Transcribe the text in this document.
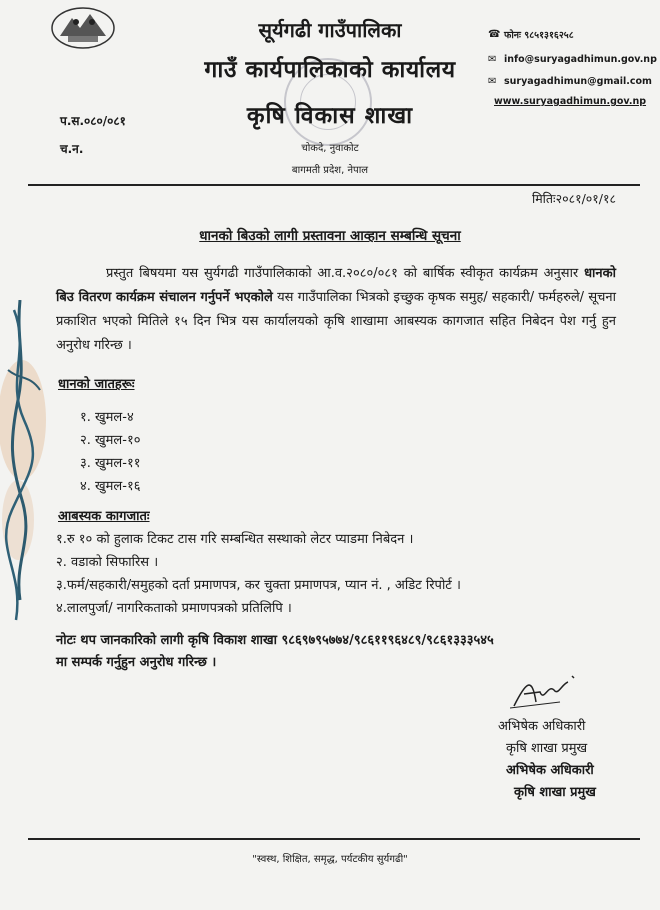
सूर्यगढी गाउँपालिका
गाउँ कार्यपालिकाको कार्यालय
कृषि विकास शाखा
प.स.०८०/०८१
च.न.	चोकदे, नुवाकोट
बागमती प्रदेश, नेपाल
☎ फोनः ९८५१३१६२५८
✉ info@suryagadhimun.gov.np
✉ suryagadhimun@gmail.com
www.suryagadhimun.gov.np
मितिः२०८१/०१/१८
धानको बिउको लागी प्रस्तावना आव्हान सम्बन्धि सूचना
प्रस्तुत बिषयमा यस सुर्यगढी गाउँपालिकाको आ.व.२०८०/०८१ को बार्षिक स्वीकृत कार्यक्रम अनुसार धानको बिउ वितरण कार्यक्रम संचालन गर्नुपर्ने भएकोले यस गाउँपालिका भित्रको इच्छुक कृषक समुह/ सहकारी/ फर्महरुले/ सूचना प्रकाशित भएको मितिले १५ दिन भित्र यस कार्यालयको कृषि शाखामा आबस्यक कागजात सहित निबेदन पेश गर्नु हुन अनुरोध गरिन्छ ।
धानको जातहरूः
१. खुमल-४
२. खुमल-१०
३. खुमल-११
४. खुमल-१६
आबस्यक कागजातः
१.रु १० को हुलाक टिकट टास गरि सम्बन्धित सस्थाको लेटर प्याडमा निबेदन ।
२. वडाको सिफारिस ।
३.फर्म/सहकारी/समुहको दर्ता प्रमाणपत्र, कर चुक्ता प्रमाणपत्र, प्यान नं. , अडिट रिपोर्ट ।
४.लालपुर्जा/ नागरिकताको प्रमाणपत्रको प्रतिलिपि ।
नोटः थप जानकारिको लागी कृषि विकाश शाखा ९८६९७९५७७४/९८६११९६४८९/९८६१३३३५४५
मा सम्पर्क गर्नुहुन अनुरोध गरिन्छ ।
अभिषेक अधिकारी
कृषि शाखा प्रमुख
अभिषेक अधिकारी
कृषि शाखा प्रमुख
"स्वस्थ, शिक्षित, समृद्ध, पर्यटकीय सुर्यगढी"
